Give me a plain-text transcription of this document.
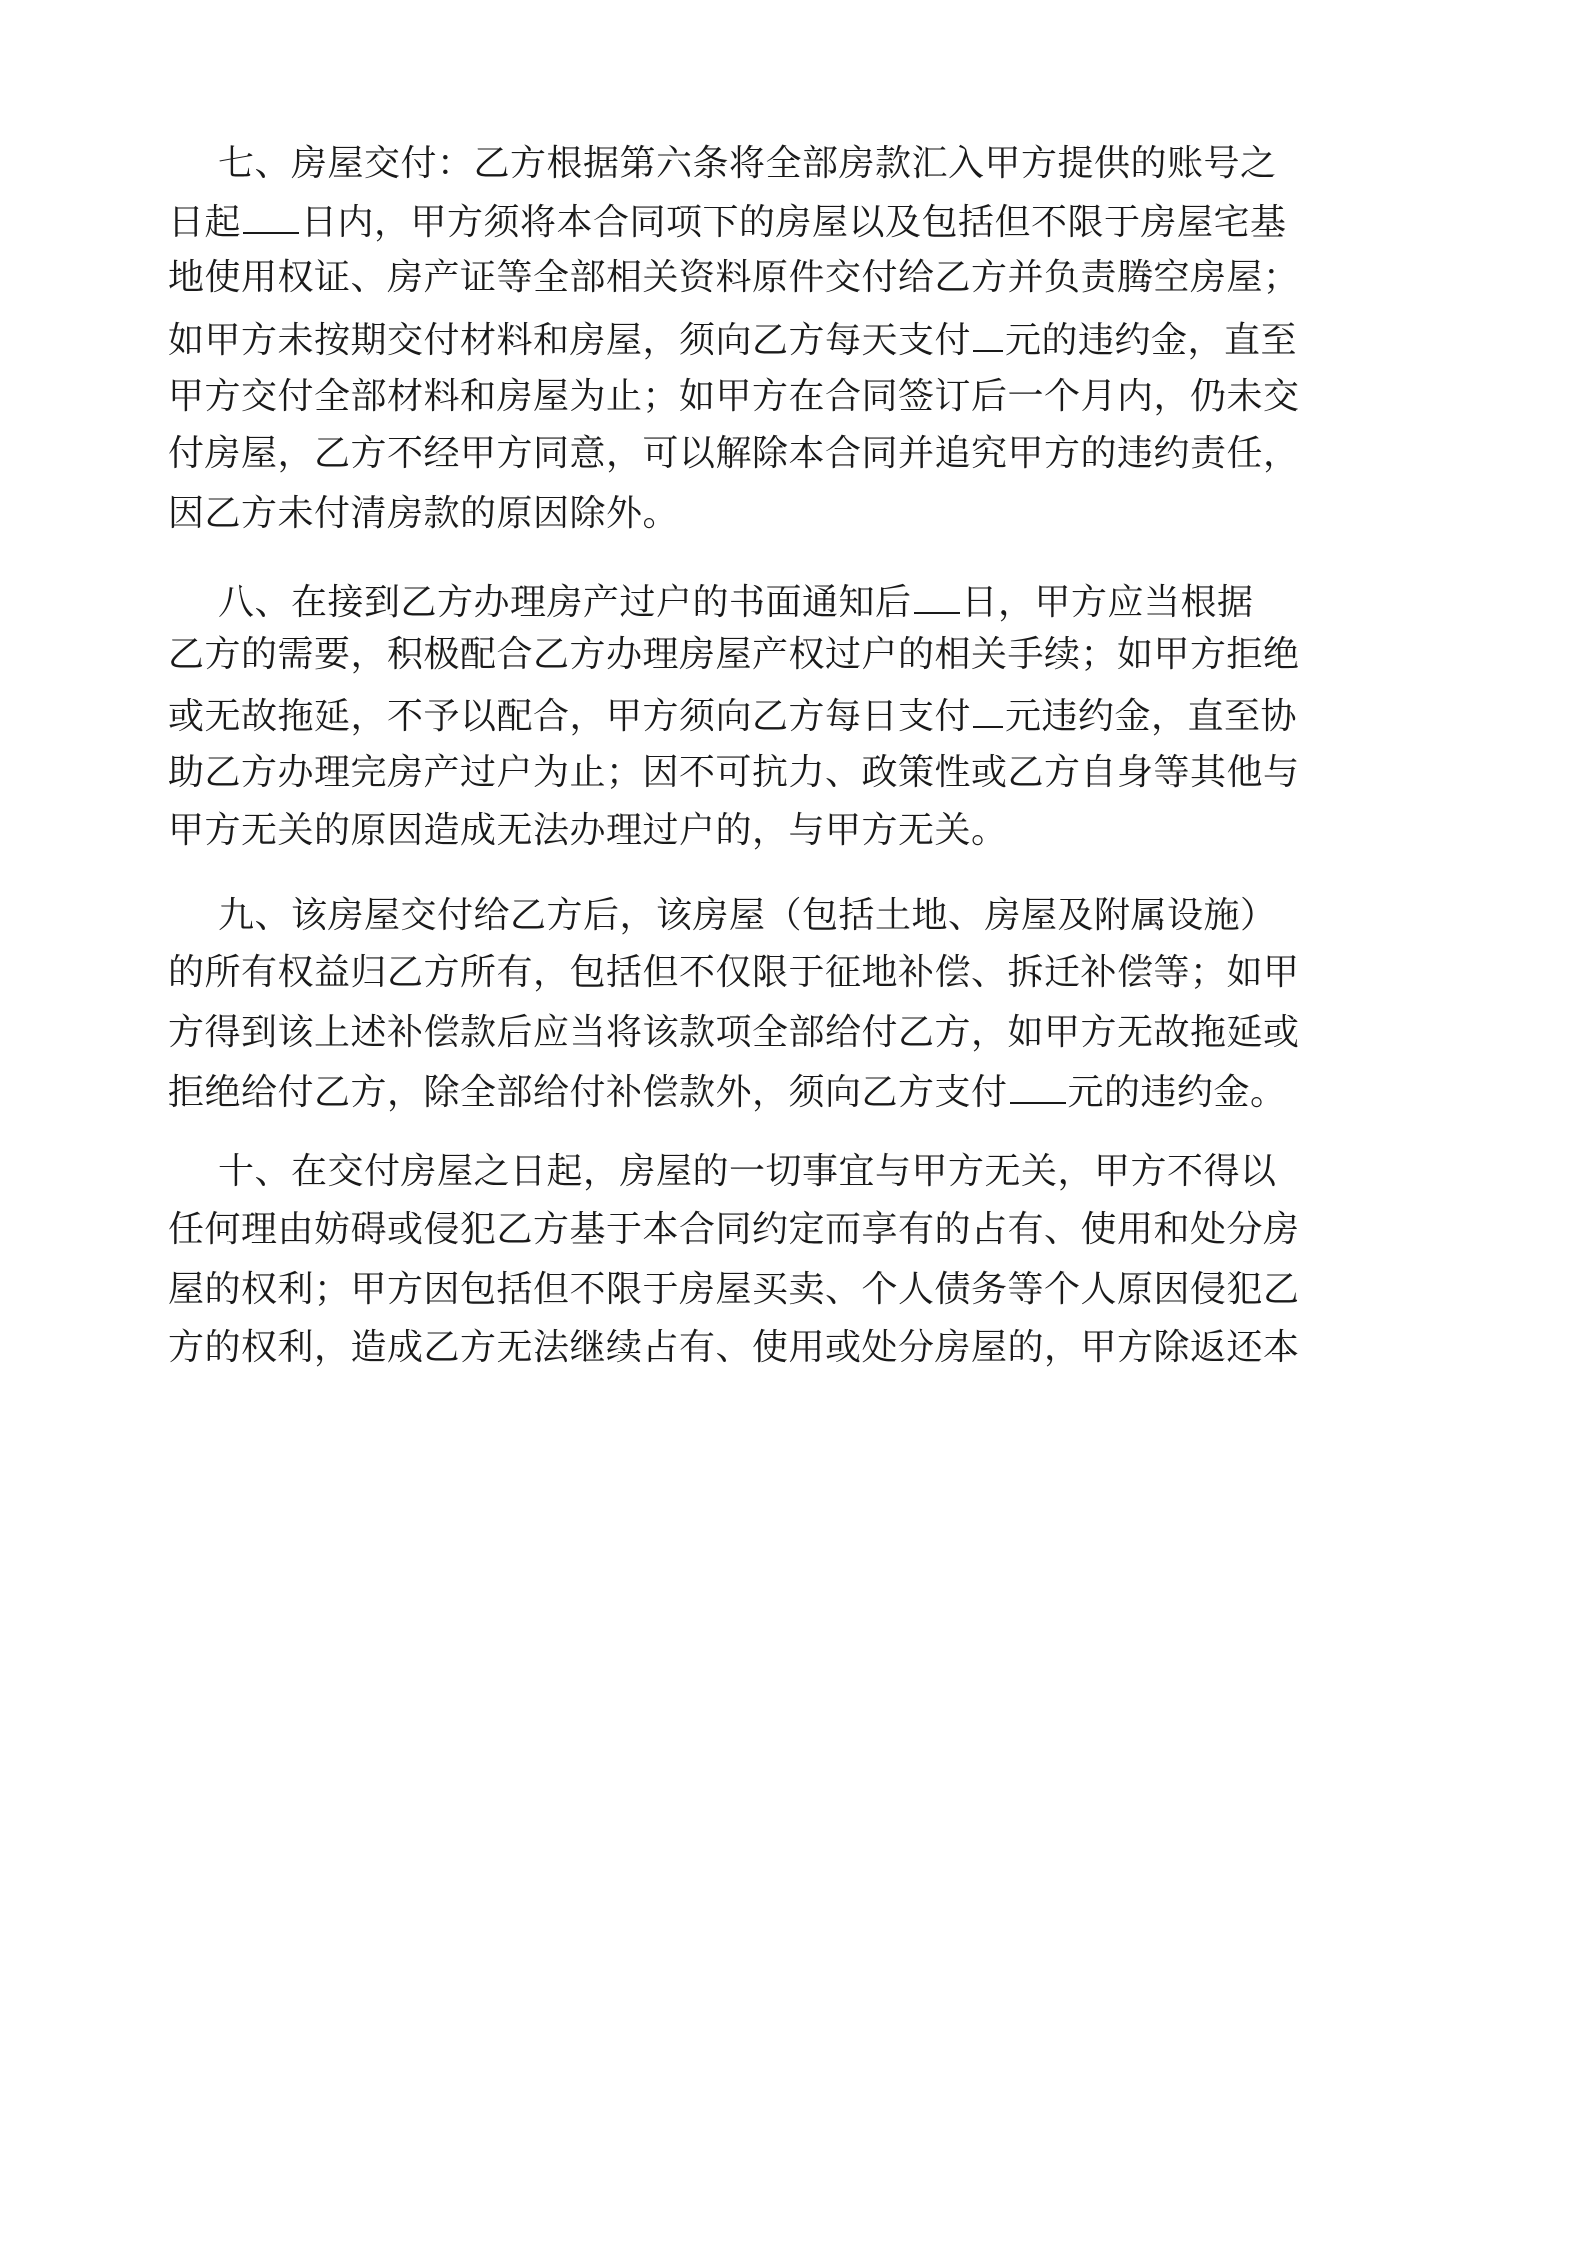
七、房屋交付：乙方根据第六条将全部房款汇入甲方提供的账号之
日起 日内，甲方须将本合同项下的房屋以及包括但不限于房屋宅基
地使用权证、房产证等全部相关资料原件交付给乙方并负责腾空房屋；
如甲方未按期交付材料和房屋，须向乙方每天支付 元的违约金，直至
甲方交付全部材料和房屋为止；如甲方在合同签订后一个月内，仍未交
付房屋，乙方不经甲方同意，可以解除本合同并追究甲方的违约责任，
因乙方未付清房款的原因除外。
八、在接到乙方办理房产过户的书面通知后 日，甲方应当根据
乙方的需要，积极配合乙方办理房屋产权过户的相关手续；如甲方拒绝
或无故拖延，不予以配合，甲方须向乙方每日支付 元违约金，直至协
助乙方办理完房产过户为止；因不可抗力、政策性或乙方自身等其他与
甲方无关的原因造成无法办理过户的，与甲方无关。
九、该房屋交付给乙方后，该房屋（包括土地、房屋及附属设施）
的所有权益归乙方所有，包括但不仅限于征地补偿、拆迁补偿等；如甲
方得到该上述补偿款后应当将该款项全部给付乙方，如甲方无故拖延或
拒绝给付乙方，除全部给付补偿款外，须向乙方支付 元的违约金。
十、在交付房屋之日起，房屋的一切事宜与甲方无关，甲方不得以
任何理由妨碍或侵犯乙方基于本合同约定而享有的占有、使用和处分房
屋的权利；甲方因包括但不限于房屋买卖、个人债务等个人原因侵犯乙
方的权利，造成乙方无法继续占有、使用或处分房屋的，甲方除返还本
